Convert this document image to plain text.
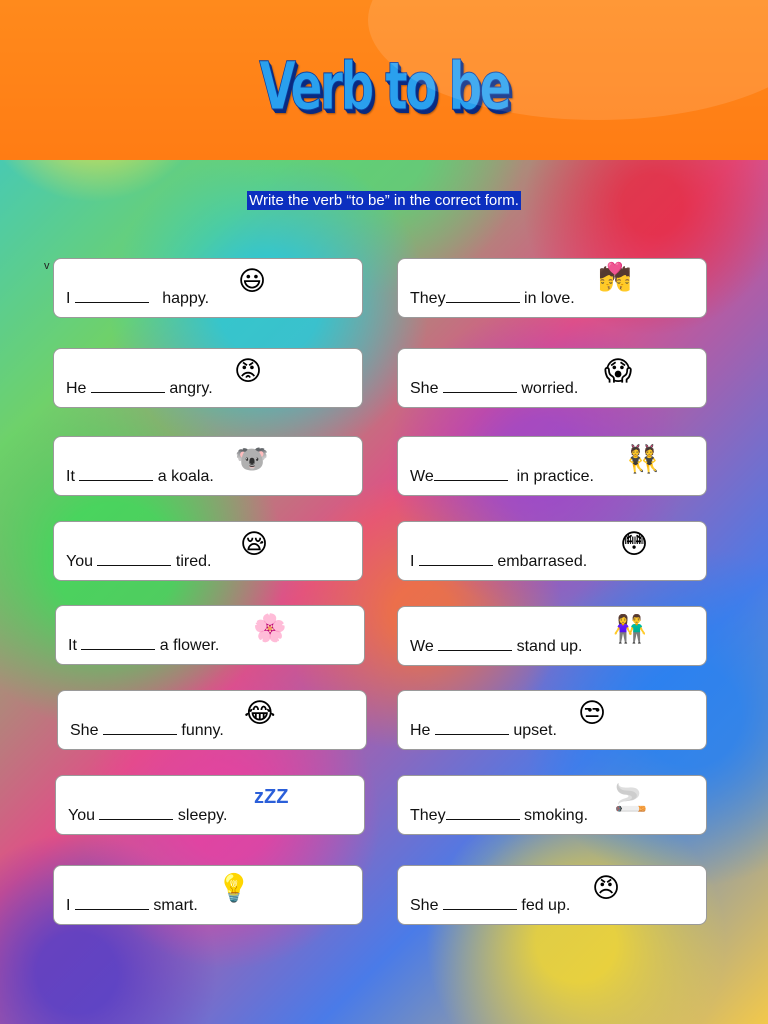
Verb to be
Write the verb “to be” in the correct form.
v
I	happy.
😃
He	angry.
😡
It	a koala.
🐨
You	tired.
😪
It	a flower.
🌸
She	funny.
😂
You	sleepy.
zZZ
I	smart.
💡
They	in love.
💏
She	worried.
😱
We	in practice.
👯
I	embarrased.
😳
We	stand up.
👫
He	upset.
😒
They	smoking.
🚬
She	fed up.
😠
